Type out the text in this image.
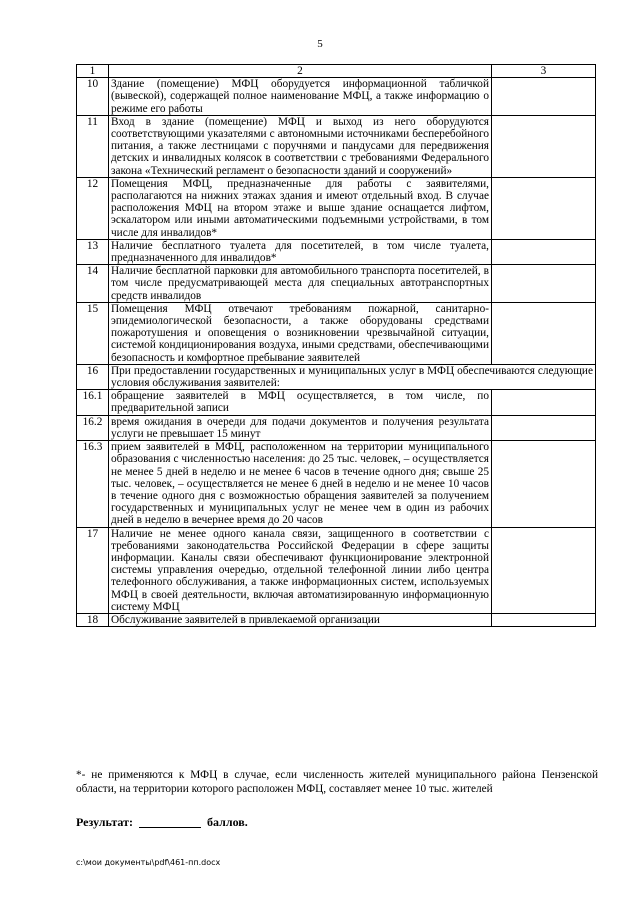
5
1	2	3
10	Здание (помещение) МФЦ оборудуется информационной табличкой (вывеской), содержащей полное наименование МФЦ, а также информацию о режиме его работы	
11	Вход в здание (помещение) МФЦ и выход из него оборудуются соответствующими указателями с автономными источниками бесперебойного питания, а также лестницами с поручнями и пандусами для передвижения детских и инвалидных колясок в соответствии с требованиями Федерального закона «Технический регламент о безопасности зданий и сооружений»	
12	Помещения МФЦ, предназначенные для работы с заявителями, располагаются на нижних этажах здания и имеют отдельный вход. В случае расположения МФЦ на втором этаже и выше здание оснащается лифтом, эскалатором или иными автоматическими подъемными устройствами, в том числе для инвалидов*	
13	Наличие бесплатного туалета для посетителей, в том числе туалета, предназначенного для инвалидов*	
14	Наличие бесплатной парковки для автомобильного транспорта посетителей, в том числе предусматривающей места для специальных автотранспортных средств инвалидов	
15	Помещения МФЦ отвечают требованиям пожарной, санитарно-эпидемиологической безопасности, а также оборудованы средствами пожаротушения и оповещения о возникновении чрезвычайной ситуации, системой кондиционирования воздуха, иными средствами, обеспечивающими безопасность и комфортное пребывание заявителей	
16	При предоставлении государственных и муниципальных услуг в МФЦ обеспечиваются следующие условия обслуживания заявителей:	
16.1	обращение заявителей в МФЦ осуществляется, в том числе, по предварительной записи	
16.2	время ожидания в очереди для подачи документов и получения результата услуги не превышает 15 минут	
16.3	прием заявителей в МФЦ, расположенном на территории муниципального образования с численностью населения: до 25 тыс. человек, – осуществляется не менее 5 дней в неделю и не менее 6 часов в течение одного дня; свыше 25 тыс. человек, – осуществляется не менее 6 дней в неделю и не менее 10 часов в течение одного дня с возможностью обращения заявителей за получением государственных и муниципальных услуг не менее чем в один из рабочих дней в неделю в вечернее время до 20 часов	
17	Наличие не менее одного канала связи, защищенного в соответствии с требованиями законодательства Российской Федерации в сфере защиты информации. Каналы связи обеспечивают функционирование электронной системы управления очередью, отдельной телефонной линии либо центра телефонного обслуживания, а также информационных систем, используемых МФЦ в своей деятельности, включая автоматизированную информационную систему МФЦ	
18	Обслуживание заявителей в привлекаемой организации	
*- не применяются к МФЦ в случае, если численность жителей муниципального района Пензенской области, на территории которого расположен МФЦ, составляет менее 10 тыс. жителей
Результат:	баллов.
c:\мои документы\pdf\461-пп.docx
